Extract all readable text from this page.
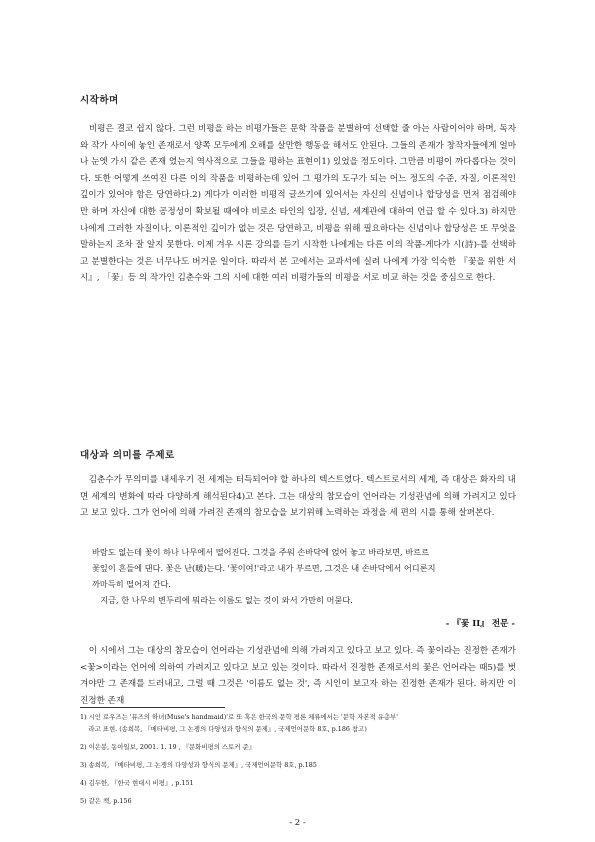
시작하며

　비평은 결코 쉽지 않다. 그런 비평을 하는 비평가들은 문학 작품을 분별하여 선택할 줄 아는 사람이어야 하며, 독자와 작가 사이에 놓인 존재로서 양쪽 모두에게 오해를 살만한 행동을 해서도 안된다. 그들의 존재가 창작자들에게 얼마나 눈엣 가시 같은 존재 였는지 역사적으로 그들을 평하는 표현이1) 있었을 정도이다. 그만큼 비평이 까다롭다는 것이다. 또한 어떻게 쓰여진 다른 이의 작품을 비평하는데 있어 그 평가의 도구가 되는 어느 정도의 수준, 자질, 이론적인 깊이가 있어야 함은 당연하다.2) 게다가 이러한 비평적 글쓰기에 있어서는 자신의 신념이나 합당성을 먼저 점검해야만 하며 자신에 대한 공정성이 확보될 때에야 비로소 타인의 입장, 신념, 세계관에 대하여 언급 할 수 있다.3) 하지만 나에게 그러한 자질이나, 이론적인 깊이가 없는 것은 당연하고, 비평을 위해 필요하다는 신념이나 합당성은 또 무엇을 말하는지 조차 잘 알지 못한다. 이제 겨우 시론 강의를 듣기 시작한 나에게는 다른 이의 작품-게다가 시(詩)-를 선택하고 분별한다는 것은 너무나도 버거운 일이다. 따라서 본 고에서는 교과서에 실려 나에게 가장 익숙한 『꽃을 위한 서시』, 「꽃」등 의 작가인 김춘수와 그의 시에 대한 여러 비평가들의 비평을 서로 비교 하는 것을 중심으로 한다.

대상과 의미를 주제로

　김춘수가 무의미를 내세우기 전 세계는 터득되어야 할 하나의 텍스트였다. 텍스트로서의 세계, 즉 대상은 화자의 내면 세계의 변화에 따라 다양하게 해석된다4)고 본다. 그는 대상의 참모습이 언어라는 기성관념에 의해 가려지고 있다고 보고 있다. 그가 언어에 의해 가려진 존재의 참모습을 보기위해 노력하는 과정을 세 편의 시를 통해 살펴본다.

바람도 없는데 꽃이 하나 나무에서 떨어진다. 그것을 주워 손바닥에 얹어 놓고 바라보면, 바르르

꽃잎이 흔들에 댄다. 꽃은 난(暖)는다. '꽃이여!'라고 내가 부르면, 그것은 내 손바닥에서 어디론지

까마득히 떨어져 간다.

　지금, 한 나무의 변두리에 뭐라는 이름도 없는 것이 와서 가만히 머묻다.

- 『꽃 II』 전문 -

　이 시에서 그는 대상의 참모습이 언어라는 기성관념에 의해 가려지고 있다고 보고 있다. 즉 꽃이라는 진정한 존재가 <꽃>이라는 언어에 의하여 가려지고 있다고 보고 있는 것이다. 따라서 진정한 존재로서의 꽃은 언어라는 때5)를 벗겨야만 그 존재를 드러내고, 그럴 때 그것은 '이름도 없는 것', 즉 시인이 보고자 하는 진정한 존재가 된다. 하지만 이 진정한 존재

1) 시인 로우즈는 '뮤즈의 하녀(Muse's handmaid)'로 또 혹은 한국의 문학 평론 체류에서는 '문학 자본적 유층부'

　 라고 표현. (송희복, 『메타비평, 그 논쟁의 다양성과 향식의 문제』, 국제언어문학 8호, p.186 참고)

2) 이은봉, 동아일보, 2001. 1. 19 , 『문화비평의 스토커 준』

3) 송희복, 『메타비평, 그 논쟁의 다양성과 향식의 문제』, 국제언어문학 8호, p.185

4) 김두한, 『한국 현대시 비평』, p.151

5) 같은 책, p.156

- 2 -
